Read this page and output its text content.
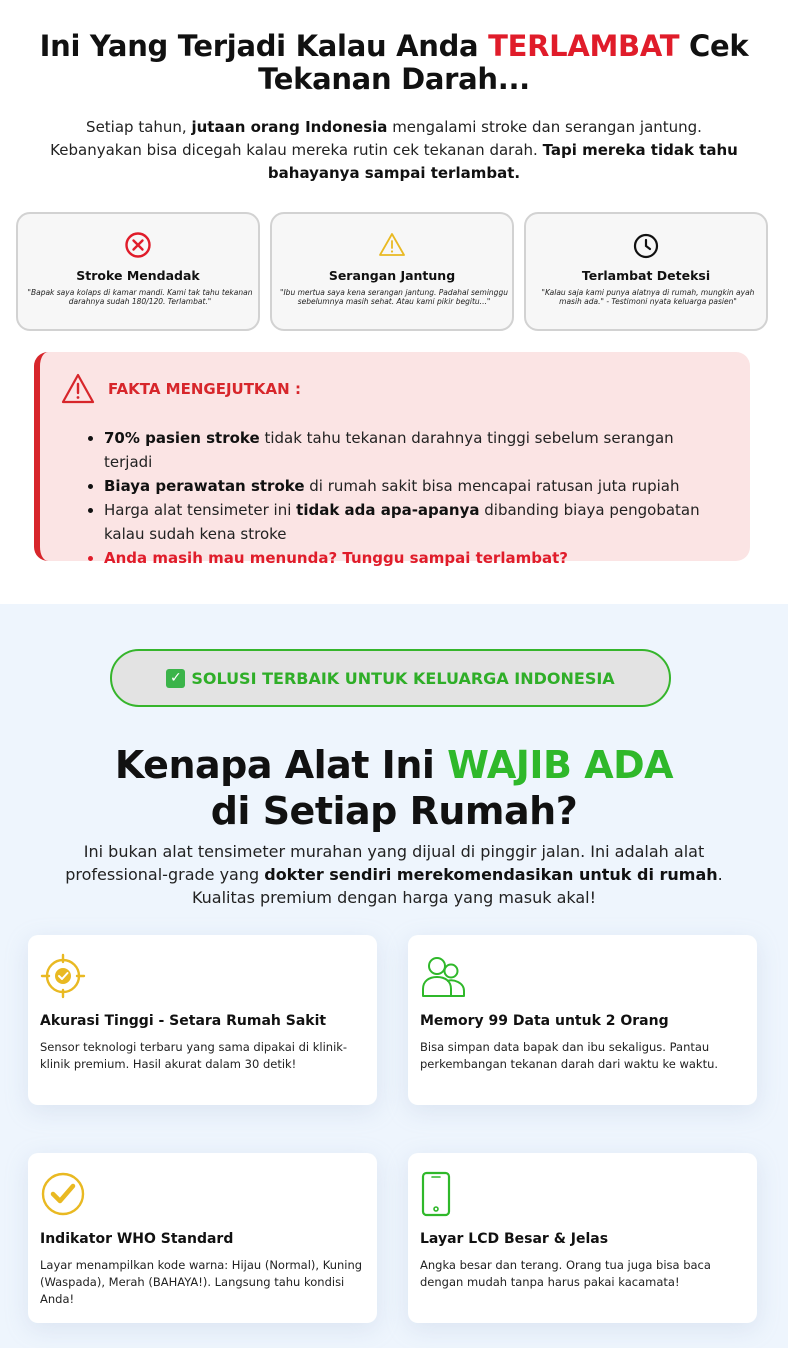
Ini Yang Terjadi Kalau Anda TERLAMBAT Cek
Tekanan Darah...

Setiap tahun, jutaan orang Indonesia mengalami stroke dan serangan jantung. Kebanyakan bisa dicegah kalau mereka rutin cek tekanan darah. Tapi mereka tidak tahu bahayanya sampai terlambat.

Stroke Mendadak
"Bapak saya kolaps di kamar mandi. Kami tak tahu tekanan darahnya sudah 180/120. Terlambat."
Serangan Jantung
"Ibu mertua saya kena serangan jantung. Padahal seminggu sebelumnya masih sehat. Atau kami pikir begitu..."
Terlambat Deteksi
"Kalau saja kami punya alatnya di rumah, mungkin ayah masih ada." - Testimoni nyata keluarga pasien"
FAKTA MENGEJUTKAN :
70% pasien stroke tidak tahu tekanan darahnya tinggi sebelum serangan terjadi
Biaya perawatan stroke di rumah sakit bisa mencapai ratusan juta rupiah
Harga alat tensimeter ini tidak ada apa-apanya dibanding biaya pengobatan kalau sudah kena stroke
Anda masih mau menunda? Tunggu sampai terlambat?
✓ SOLUSI TERBAIK UNTUK KELUARGA INDONESIA
Kenapa Alat Ini WAJIB ADA
di Setiap Rumah?

Ini bukan alat tensimeter murahan yang dijual di pinggir jalan. Ini adalah alat professional-grade yang dokter sendiri merekomendasikan untuk di rumah. Kualitas premium dengan harga yang masuk akal!

Akurasi Tinggi - Setara Rumah Sakit
Sensor teknologi terbaru yang sama dipakai di klinik-klinik premium. Hasil akurat dalam 30 detik!
Memory 99 Data untuk 2 Orang
Bisa simpan data bapak dan ibu sekaligus. Pantau perkembangan tekanan darah dari waktu ke waktu.
Indikator WHO Standard
Layar menampilkan kode warna: Hijau (Normal), Kuning (Waspada), Merah (BAHAYA!). Langsung tahu kondisi Anda!
Layar LCD Besar & Jelas
Angka besar dan terang. Orang tua juga bisa baca dengan mudah tanpa harus pakai kacamata!
